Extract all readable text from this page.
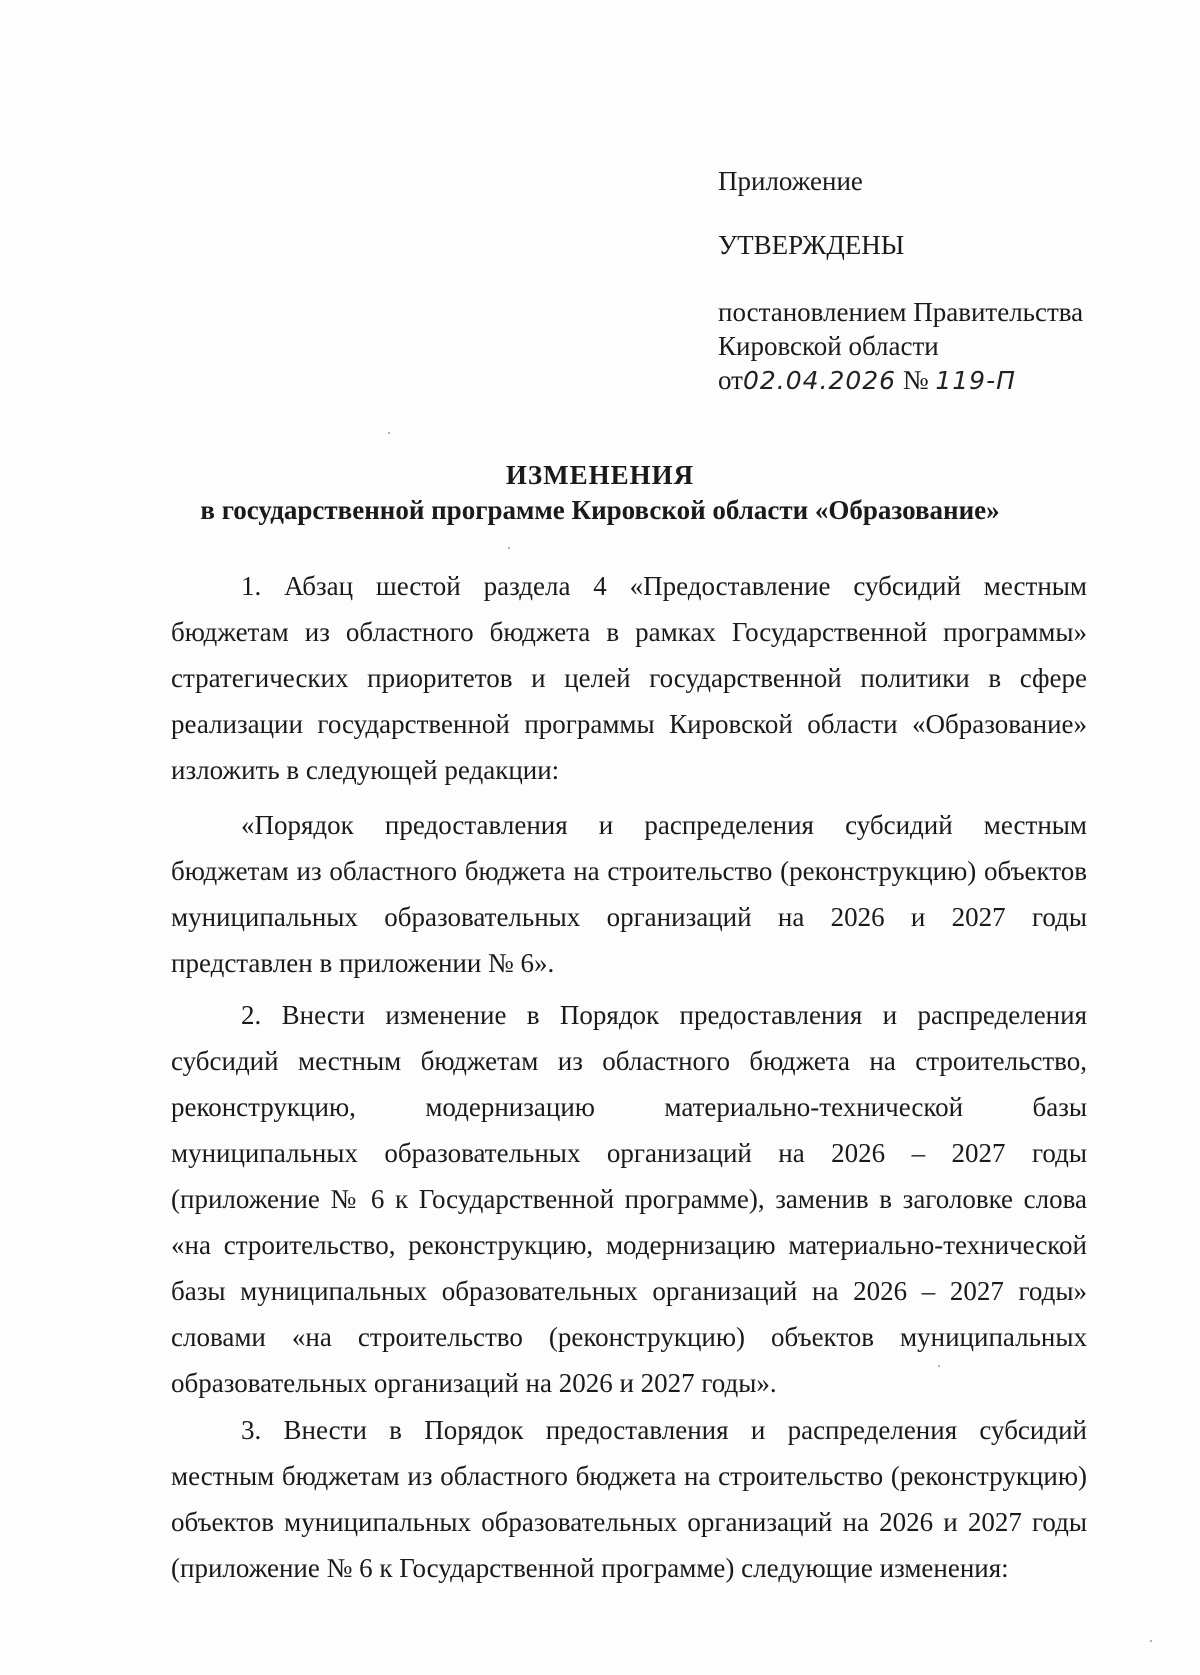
Приложение
УТВЕРЖДЕНЫ
постановлением Правительства
Кировской области
от02.04.2026 № 119-П
ИЗМЕНЕНИЯ
в государственной программе Кировской области «Образование»

1. Абзац шестой раздела 4 «Предоставление субсидий местным бюджетам из областного бюджета в рамках Государственной программы» стратегических приоритетов и целей государственной политики в сфере реализации государственной программы Кировской области «Образование» изложить в следующей редакции:

«Порядок предоставления и распределения субсидий местным бюджетам из областного бюджета на строительство (реконструкцию) объектов муниципальных образовательных организаций на 2026 и 2027 годы представлен в приложении № 6».

2. Внести изменение в Порядок предоставления и распределения субсидий местным бюджетам из областного бюджета на строительство, реконструкцию, модернизацию материально-технической базы муниципальных образовательных организаций на 2026 – 2027 годы (приложение № 6 к Государственной программе), заменив в заголовке слова «на строительство, реконструкцию, модернизацию материально-технической базы муниципальных образовательных организаций на 2026 – 2027 годы» словами «на строительство (реконструкцию) объектов муниципальных образовательных организаций на 2026 и 2027 годы».

3. Внести в Порядок предоставления и распределения субсидий местным бюджетам из областного бюджета на строительство (реконструкцию) объектов муниципальных образовательных организаций на 2026 и 2027 годы (приложение № 6 к Государственной программе) следующие изменения:
